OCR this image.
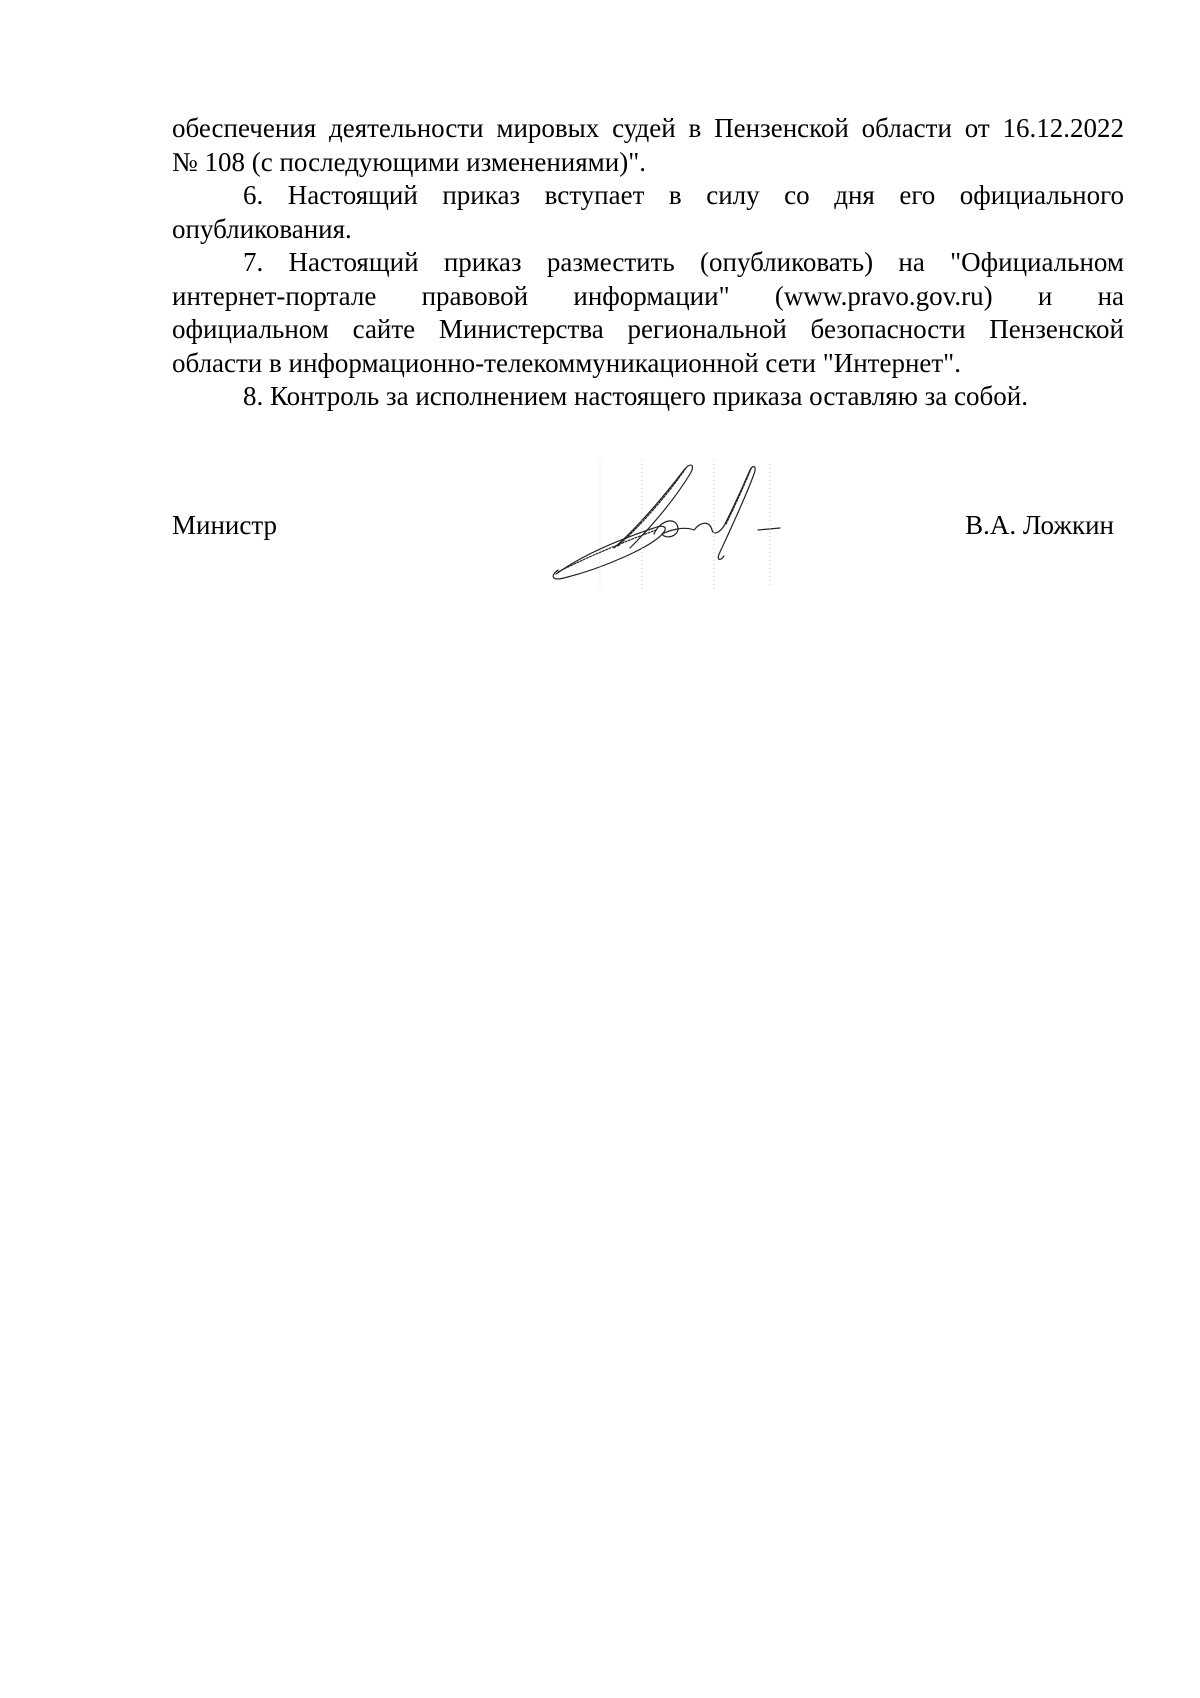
обеспечения деятельности мировых судей в Пензенской области от 16.12.2022
№ 108 (с последующими изменениями)".

6. Настоящий приказ вступает в силу со дня его официального
опубликования.

7. Настоящий приказ разместить (опубликовать) на "Официальном
интернет-портале правовой информации" (www.pravo.gov.ru) и на
официальном сайте Министерства региональной безопасности Пензенской
области в информационно-телекоммуникационной сети "Интернет".

8. Контроль за исполнением настоящего приказа оставляю за собой.

Министр	В.А. Ложкин
